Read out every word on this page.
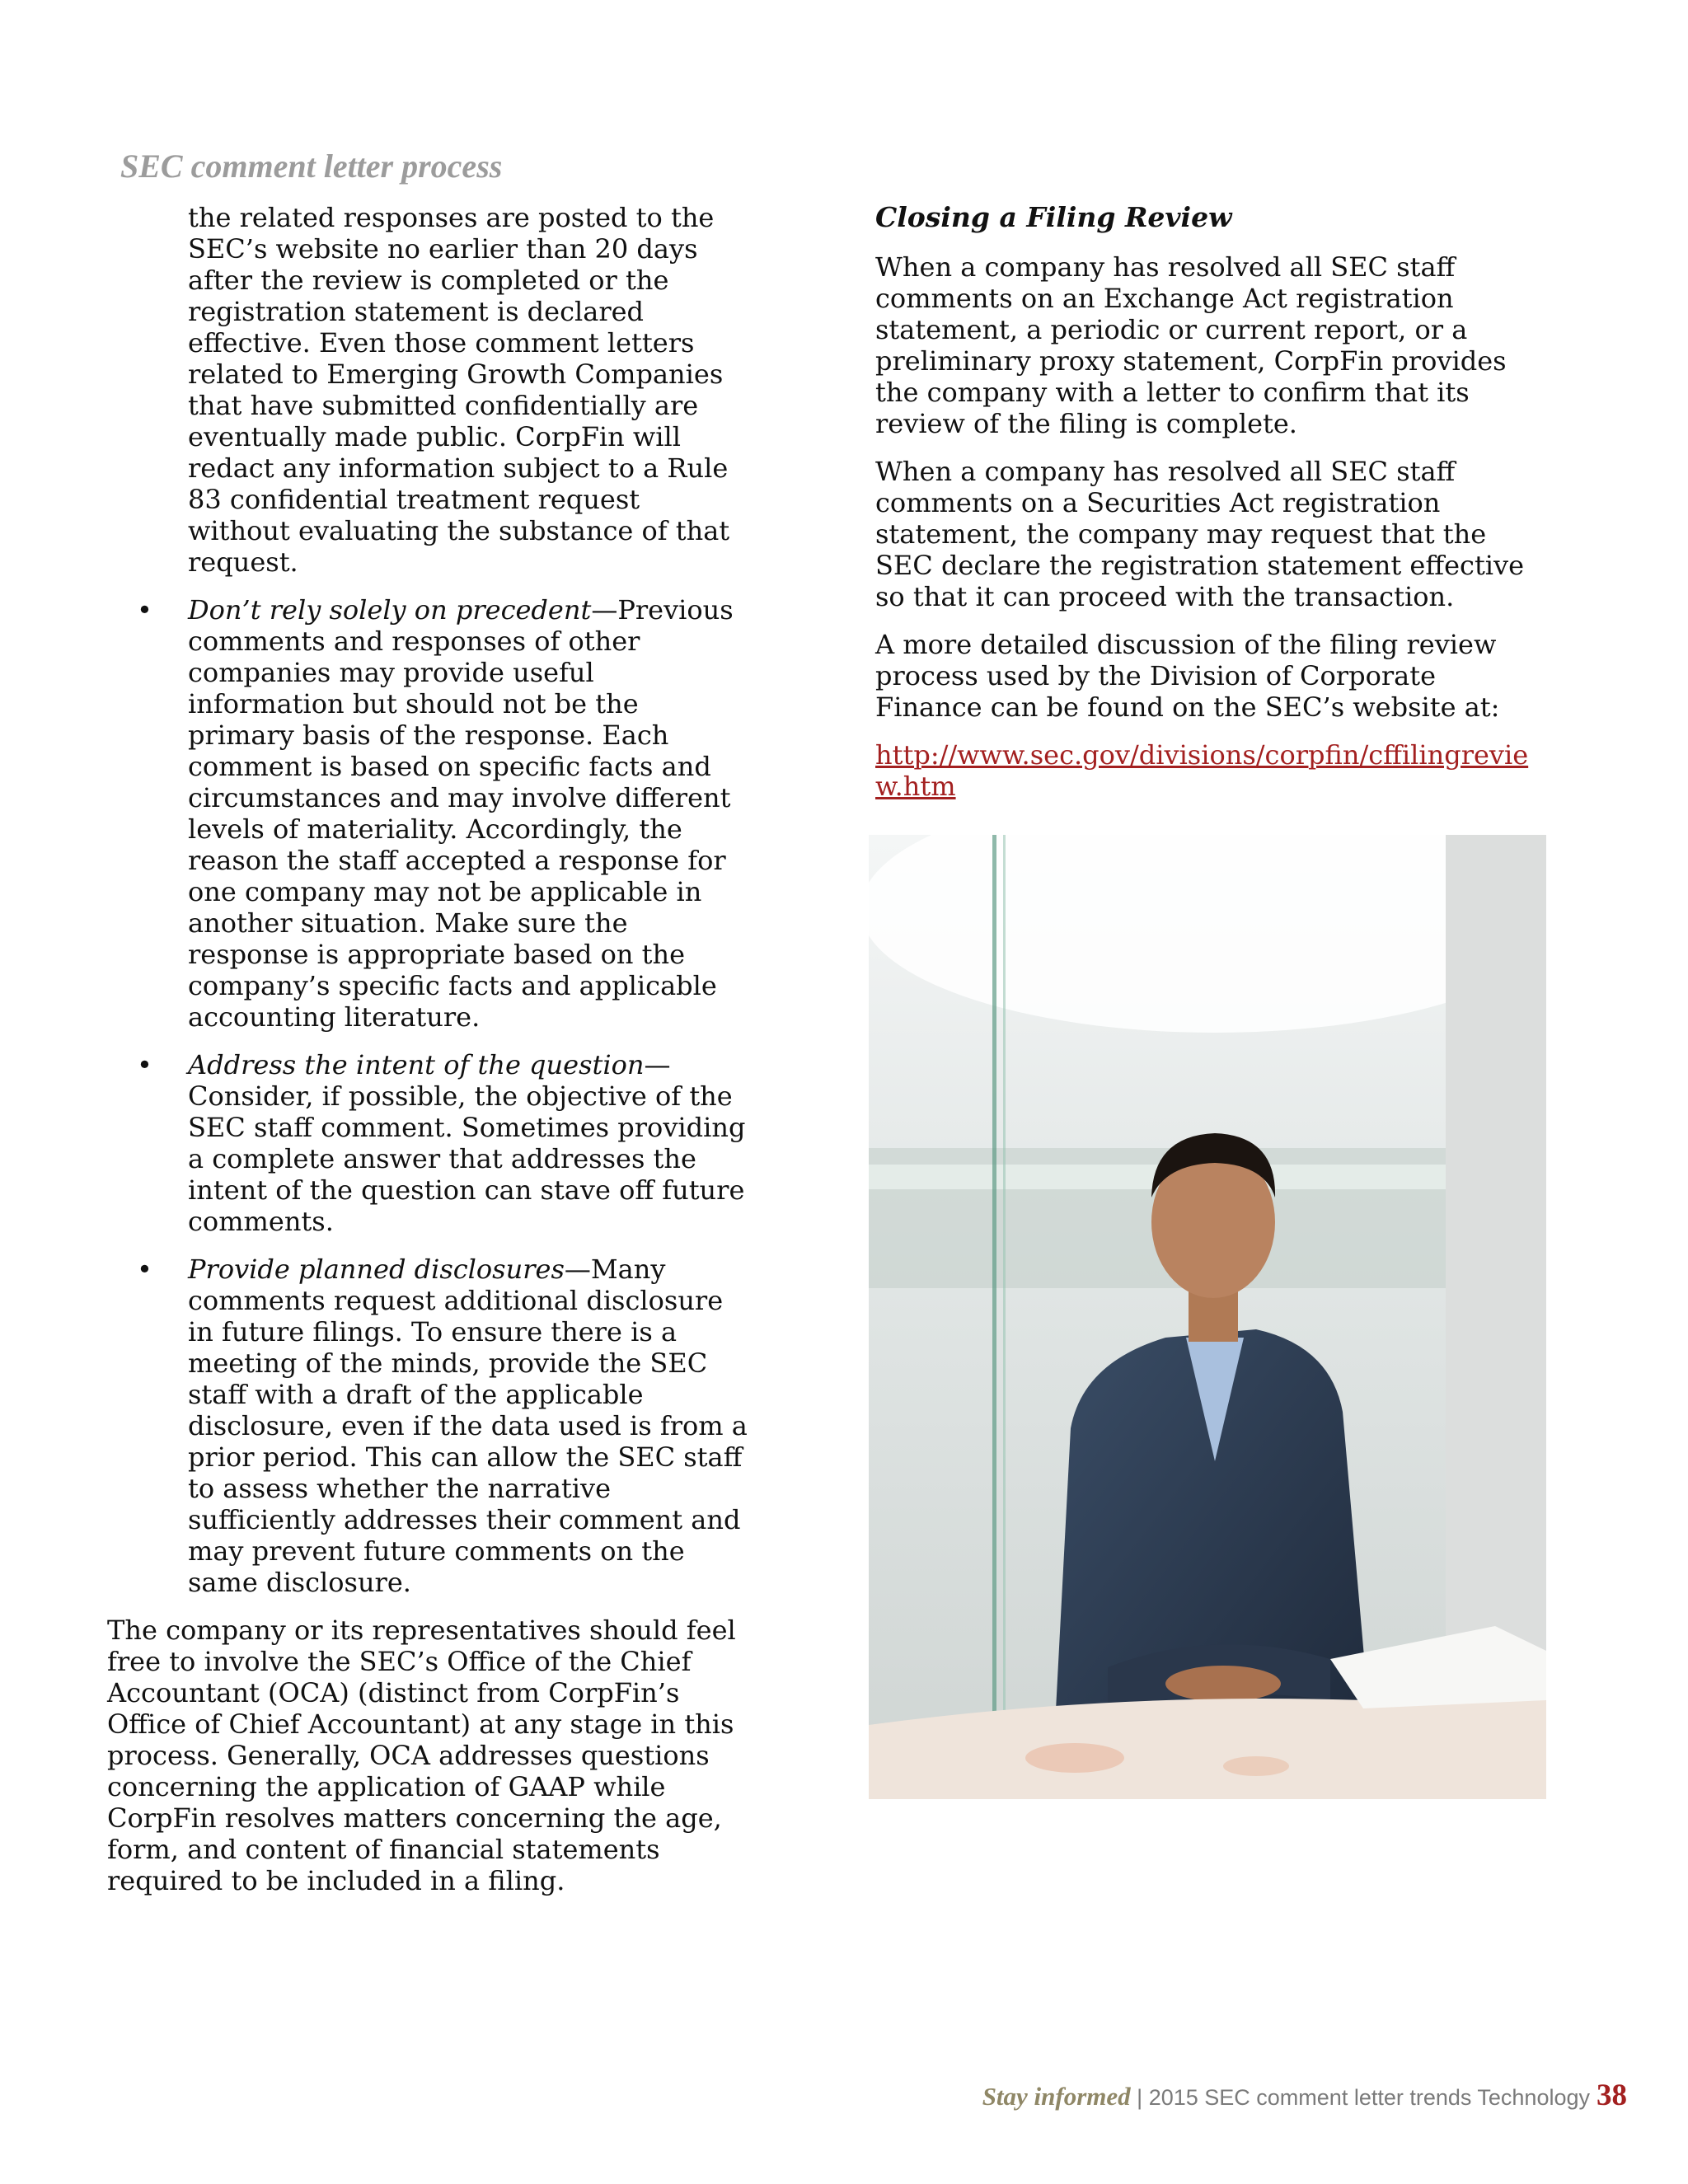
SEC comment letter process

the related responses are posted to the SEC’s website no earlier than 20 days after the review is completed or the registration statement is declared effective. Even those comment letters related to Emerging Growth Companies that have submitted confidentially are eventually made public. CorpFin will redact any information subject to a Rule 83 confidential treatment request without evaluating the substance of that request.

• Don’t rely solely on precedent—Previous comments and responses of other companies may provide useful information but should not be the primary basis of the response. Each comment is based on specific facts and circumstances and may involve different levels of materiality. Accordingly, the reason the staff accepted a response for one company may not be applicable in another situation. Make sure the response is appropriate based on the company’s specific facts and applicable accounting literature.
• Address the intent of the question—Consider, if possible, the objective of the SEC staff comment. Sometimes providing a complete answer that addresses the intent of the question can stave off future comments.
• Provide planned disclosures—Many comments request additional disclosure in future filings. To ensure there is a meeting of the minds, provide the SEC staff with a draft of the applicable disclosure, even if the data used is from a prior period. This can allow the SEC staff to assess whether the narrative sufficiently addresses their comment and may prevent future comments on the same disclosure.

The company or its representatives should feel free to involve the SEC’s Office of the Chief Accountant (OCA) (distinct from CorpFin’s Office of Chief Accountant) at any stage in this process. Generally, OCA addresses questions concerning the application of GAAP while CorpFin resolves matters concerning the age, form, and content of financial statements required to be included in a filing.

Closing a Filing Review

When a company has resolved all SEC staff comments on an Exchange Act registration statement, a periodic or current report, or a preliminary proxy statement, CorpFin provides the company with a letter to confirm that its review of the filing is complete.

When a company has resolved all SEC staff comments on a Securities Act registration statement, the company may request that the SEC declare the registration statement effective so that it can proceed with the transaction.

A more detailed discussion of the filing review process used by the Division of Corporate Finance can be found on the SEC’s website at:

http://www.sec.gov/divisions/corpfin/cffilingreview.htm

Stay informed | 2015 SEC comment letter trends Technology 38
